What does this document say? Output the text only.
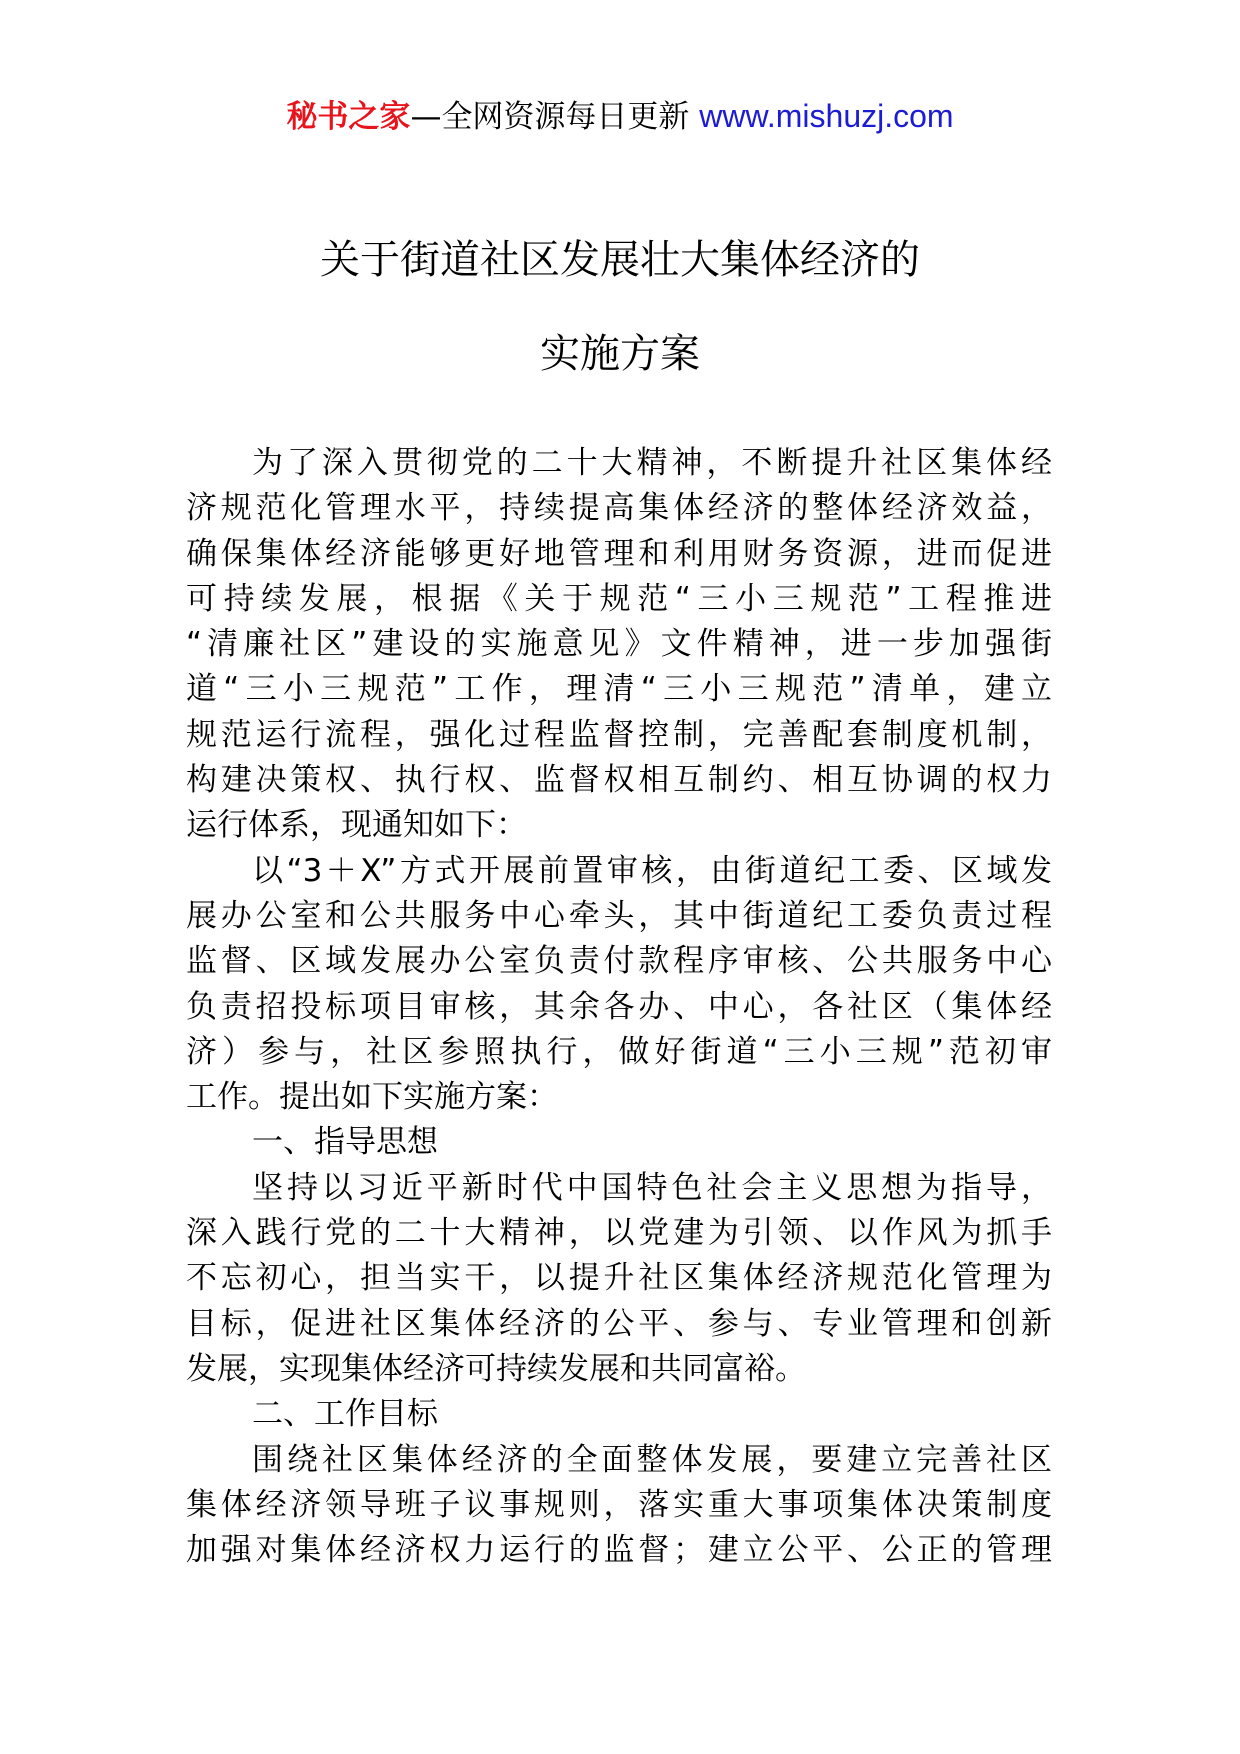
秘书之家—全网资源每日更新 www.mishuzj.com
关于街道社区发展壮大集体经济的
实施方案
为了深入贯彻党的二十大精神，不断提升社区集体经
济规范化管理水平，持续提高集体经济的整体经济效益，
确保集体经济能够更好地管理和利用财务资源，进而促进
可持续发展，根据《关于规范“三小三规范”工程推进
“清廉社区”建设的实施意见》文件精神，进一步加强街
道“三小三规范”工作，理清“三小三规范”清单，建立
规范运行流程，强化过程监督控制，完善配套制度机制，
构建决策权、执行权、监督权相互制约、相互协调的权力
运行体系，现通知如下：
以“3＋X”方式开展前置审核，由街道纪工委、区域发
展办公室和公共服务中心牵头，其中街道纪工委负责过程
监督、区域发展办公室负责付款程序审核、公共服务中心
负责招投标项目审核，其余各办、中心，各社区（集体经
济）参与，社区参照执行，做好街道“三小三规”范初审
工作。提出如下实施方案：
一、指导思想
坚持以习近平新时代中国特色社会主义思想为指导，
深入践行党的二十大精神，以党建为引领、以作风为抓手
不忘初心，担当实干，以提升社区集体经济规范化管理为
目标，促进社区集体经济的公平、参与、专业管理和创新
发展，实现集体经济可持续发展和共同富裕。
二、工作目标
围绕社区集体经济的全面整体发展，要建立完善社区
集体经济领导班子议事规则，落实重大事项集体决策制度
加强对集体经济权力运行的监督；建立公平、公正的管理
